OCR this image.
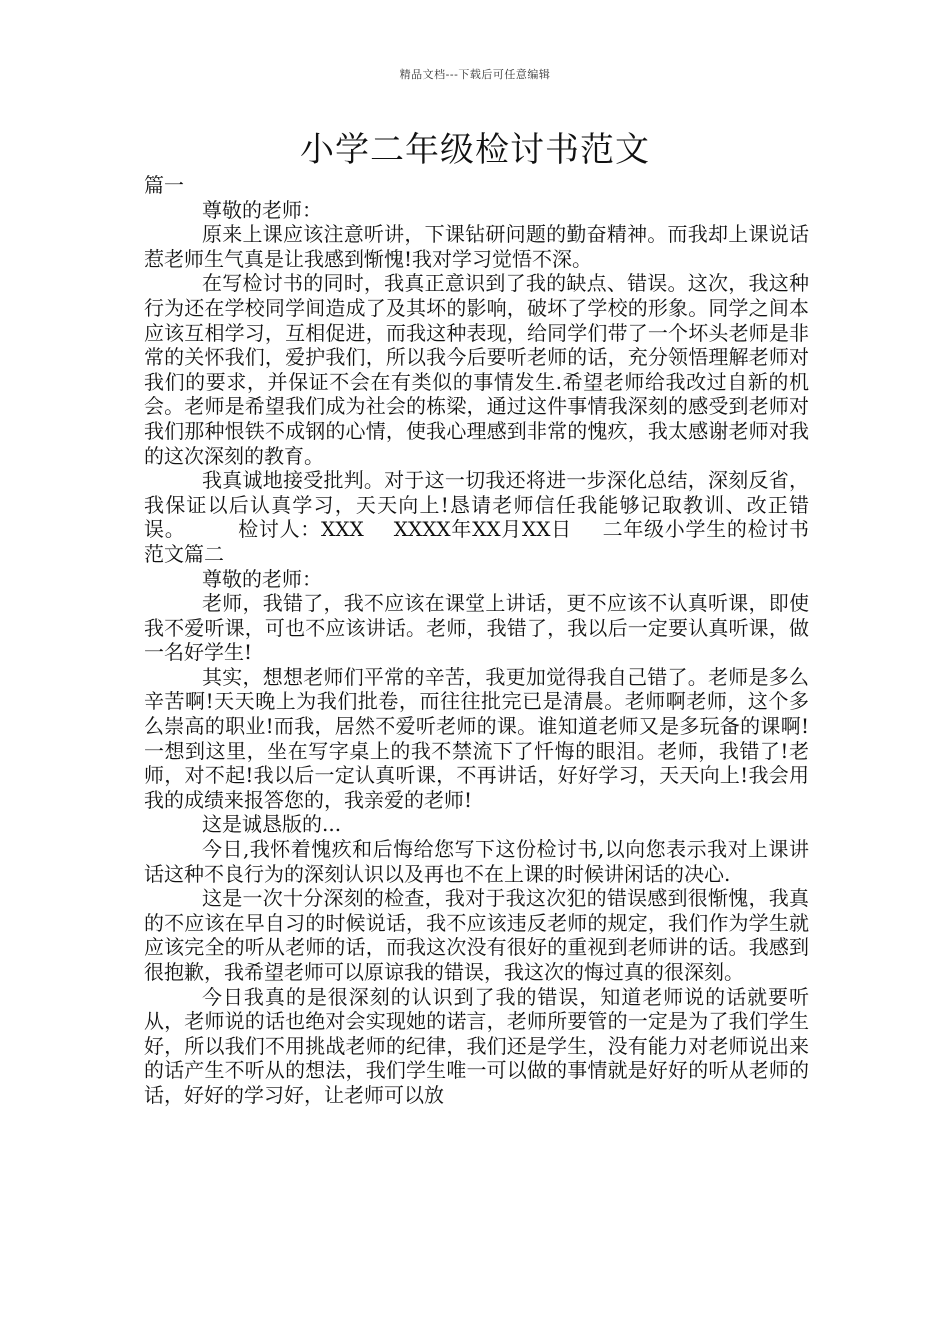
精品文档---下载后可任意编辑
小学二年级检讨书范文

篇一

尊敬的老师：

原来上课应该注意听讲，下课钻研问题的勤奋精神。而我却上课说话惹老师生气真是让我感到惭愧!我对学习觉悟不深。

在写检讨书的同时，我真正意识到了我的缺点、错误。这次，我这种行为还在学校同学间造成了及其坏的影响，破坏了学校的形象。同学之间本应该互相学习，互相促进，而我这种表现，给同学们带了一个坏头老师是非常的关怀我们，爱护我们，所以我今后要听老师的话，充分领悟理解老师对我们的要求，并保证不会在有类似的事情发生.希望老师给我改过自新的机会。老师是希望我们成为社会的栋梁，通过这件事情我深刻的感受到老师对我们那种恨铁不成钢的心情，使我心理感到非常的愧疚，我太感谢老师对我的这次深刻的教育。

我真诚地接受批判。对于这一切我还将进一步深化总结，深刻反省，我保证以后认真学习，天天向上!恳请老师信任我能够记取教训、改正错误。	检讨人：XXX XXXX年XX月XX日 二年级小学生的检讨书范文篇二

尊敬的老师：

老师，我错了，我不应该在课堂上讲话，更不应该不认真听课，即使我不爱听课，可也不应该讲话。老师，我错了，我以后一定要认真听课，做一名好学生!

其实，想想老师们平常的辛苦，我更加觉得我自己错了。老师是多么辛苦啊!天天晚上为我们批卷，而往往批完已是清晨。老师啊老师，这个多么崇高的职业!而我，居然不爱听老师的课。谁知道老师又是多玩备的课啊!一想到这里，坐在写字桌上的我不禁流下了忏悔的眼泪。老师，我错了!老师，对不起!我以后一定认真听课，不再讲话，好好学习，天天向上!我会用我的成绩来报答您的，我亲爱的老师!

这是诚恳版的...

今日,我怀着愧疚和后悔给您写下这份检讨书,以向您表示我对上课讲话这种不良行为的深刻认识以及再也不在上课的时候讲闲话的决心.

这是一次十分深刻的检查，我对于我这次犯的错误感到很惭愧，我真的不应该在早自习的时候说话，我不应该违反老师的规定，我们作为学生就应该完全的听从老师的话，而我这次没有很好的重视到老师讲的话。我感到很抱歉，我希望老师可以原谅我的错误，我这次的悔过真的很深刻。

今日我真的是很深刻的认识到了我的错误，知道老师说的话就要听从，老师说的话也绝对会实现她的诺言，老师所要管的一定是为了我们学生好，所以我们不用挑战老师的纪律，我们还是学生，没有能力对老师说出来的话产生不听从的想法，我们学生唯一可以做的事情就是好好的听从老师的话，好好的学习好，让老师可以放
